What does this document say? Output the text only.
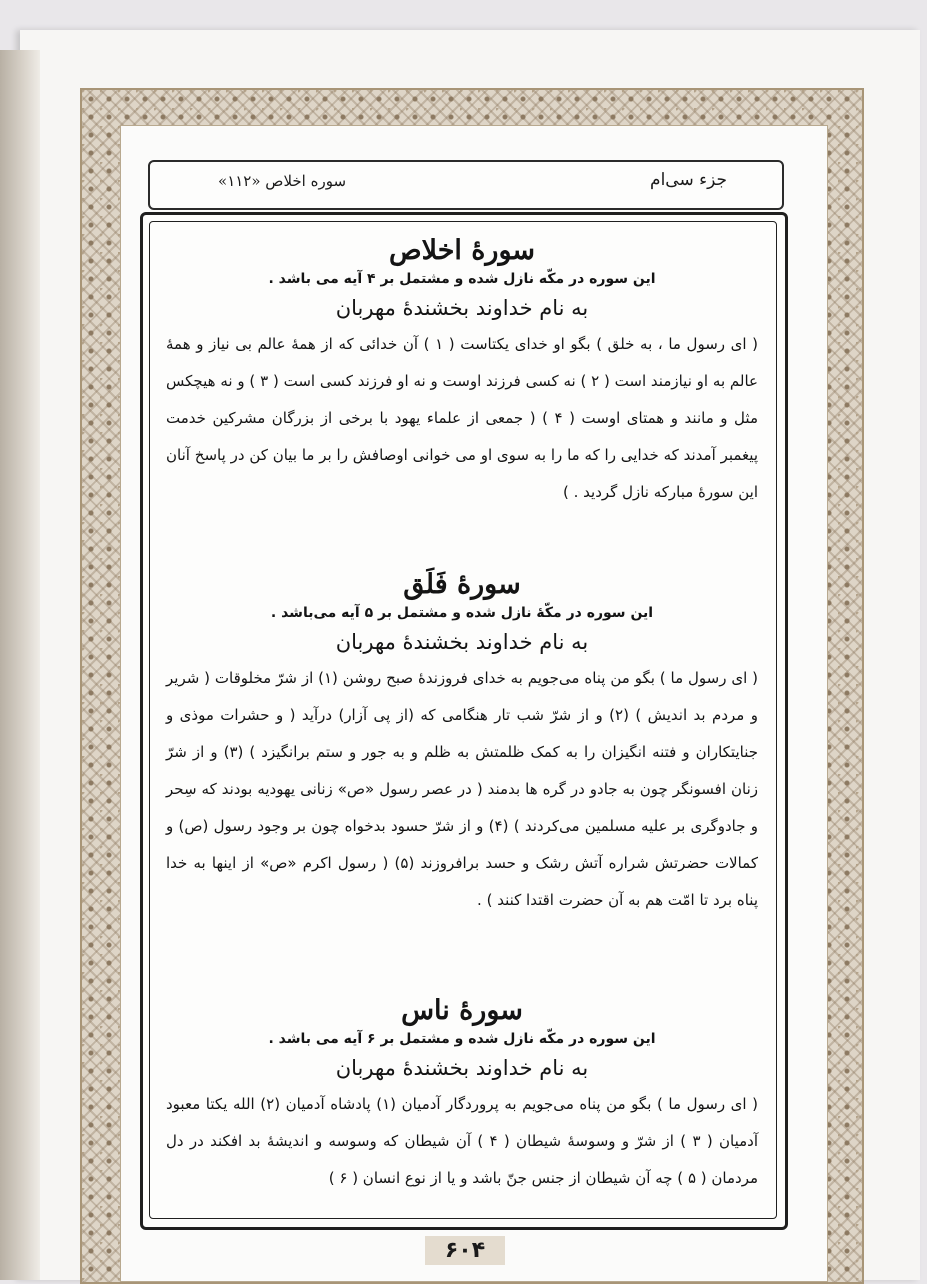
جزء سی‌ام
سوره اخلاص «۱۱۲»
سورهٔ اخلاص

این سوره در مکّه نازل شده و مشتمل بر ۴ آیه می باشد .

به نام خداوند بخشندهٔ مهربان

( ای رسول ما ، به خلق ) بگو او خدای یکتاست ( ۱ ) آن خدائی که از همهٔ عالم بی نیاز و همهٔ عالم به او نیازمند است ( ۲ ) نه کسی فرزند اوست و نه او فرزند کسی است ( ۳ ) و نه هیچکس مثل و مانند و همتای اوست ( ۴ ) ( جمعی از علماء یهود با برخی از بزرگان مشرکین خدمت پیغمبر آمدند که خدایی را که ما را به سوی او می خوانی اوصافش را بر ما بیان کن در پاسخ آنان این سورهٔ مبارکه نازل گردید . )

سورهٔ فَلَق

این سوره در مکّهٔ نازل شده و مشتمل بر ۵ آیه می‌باشد .

به نام خداوند بخشندهٔ مهربان

( ای رسول ما ) بگو من پناه می‌جویم به خدای فروزندهٔ صبح روشن (۱) از شرّ مخلوقات ( شریر و مردم بد اندیش ) (۲) و از شرّ شب تار هنگامی که (از پی آزار) درآید ( و حشرات موذی و جنایتکاران و فتنه انگیزان را به کمک ظلمتش به ظلم و به جور و ستم برانگیزد ) (۳) و از شرّ زنان افسونگر چون به جادو در گره ها بدمند ( در عصر رسول «ص» زنانی یهودیه بودند که سِحر و جادوگری بر علیه مسلمین می‌کردند ) (۴) و از شرّ حسود بدخواه چون بر وجود رسول (ص) و کمالات حضرتش شراره آتش رشک و حسد برافروزند (۵) ( رسول اکرم «ص» از اینها به خدا پناه برد تا امّت هم به آن حضرت اقتدا کنند ) .

سورهٔ ناس

این سوره در مکّه نازل شده و مشتمل بر ۶ آیه می باشد .

به نام خداوند بخشندهٔ مهربان

( ای رسول ما ) بگو من پناه می‌جویم به پروردگار آدمیان (۱) پادشاه آدمیان (۲) الله یکتا معبود آدمیان ( ۳ ) از شرّ و وسوسهٔ شیطان ( ۴ ) آن شیطان که وسوسه و اندیشهٔ بد افکند در دل مردمان ( ۵ ) چه آن شیطان از جنس جنّ باشد و یا از نوع انسان ( ۶ )

۶۰۴
